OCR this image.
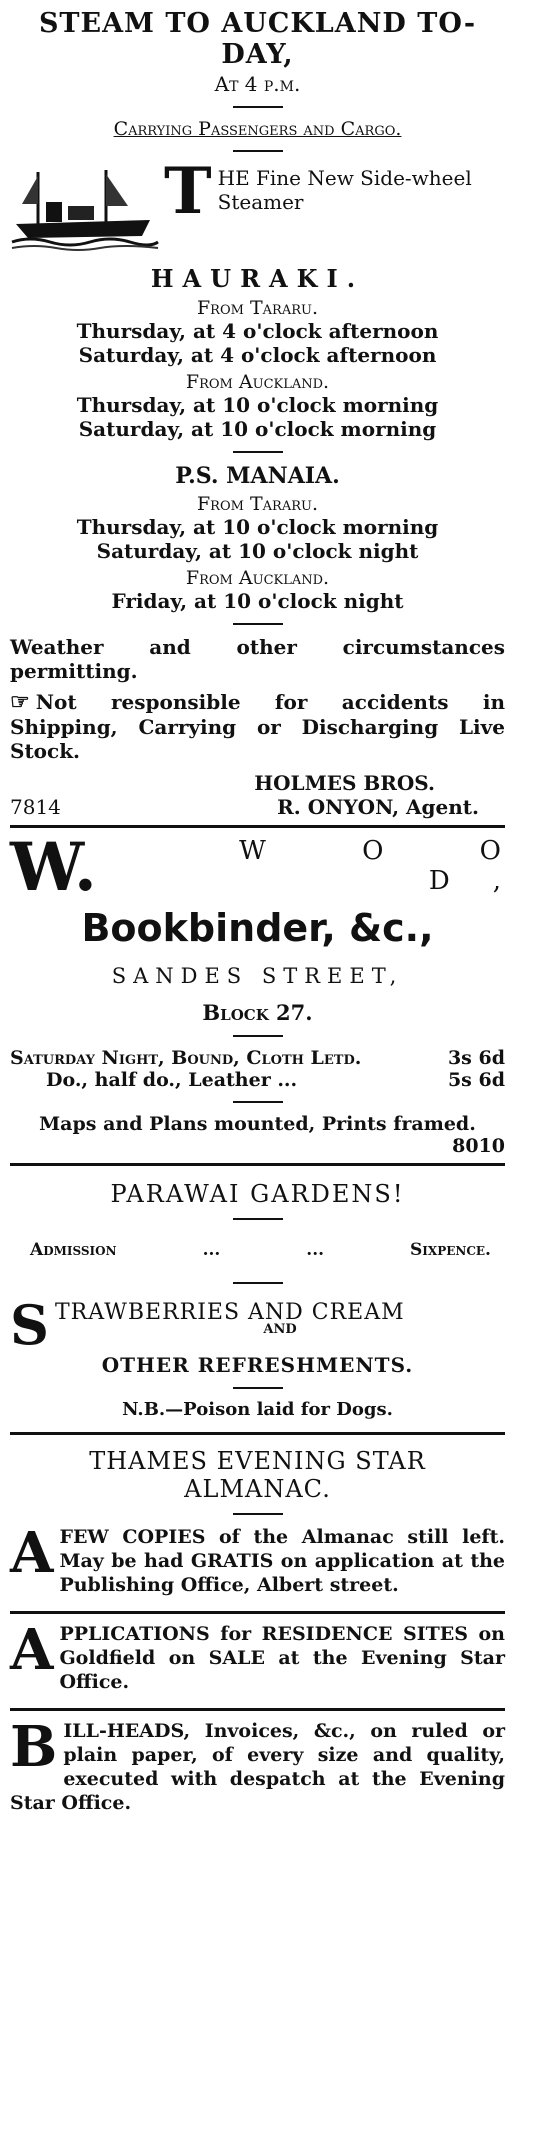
STEAM TO AUCKLAND TO-DAY,

At 4 p.m.

Carrying Passengers and Cargo.

T HE Fine New Side-wheel Steamer

HAURAKI.

From Tararu.

Thursday, at 4 o'clock afternoon

Saturday, at 4 o'clock afternoon

From Auckland.

Thursday, at 10 o'clock morning

Saturday, at 10 o'clock morning

P.S. MANAIA.

From Tararu.

Thursday, at 10 o'clock morning

Saturday, at 10 o'clock night

From Auckland.

Friday, at 10 o'clock night

Weather and other circumstances permitting.

☞ Not responsible for accidents in Shipping, Carrying or Discharging Live Stock.

HOLMES BROS.

7814	R. ONYON, Agent.
W.	W O O D,

Bookbinder, &c.,

SANDES STREET,

Block 27.

Saturday Night, Bound, Cloth Letd.	3s 6d
Do., half do., Leather ...	5s 6d

Maps and Plans mounted, Prints framed.

8010

PARAWAI GARDENS!

Admission	...	...	Sixpence.
S TRAWBERRIES AND CREAM

AND

OTHER REFRESHMENTS.

N.B.—Poison laid for Dogs.

THAMES EVENING STAR

ALMANAC.

A FEW COPIES of the Almanac still left. May be had GRATIS on application at the Publishing Office, Albert street.

A PPLICATIONS for RESIDENCE SITES on Goldfield on SALE at the Evening Star Office.

B ILL-HEADS, Invoices, &c., on ruled or plain paper, of every size and quality, executed with despatch at the Evening Star Office.
